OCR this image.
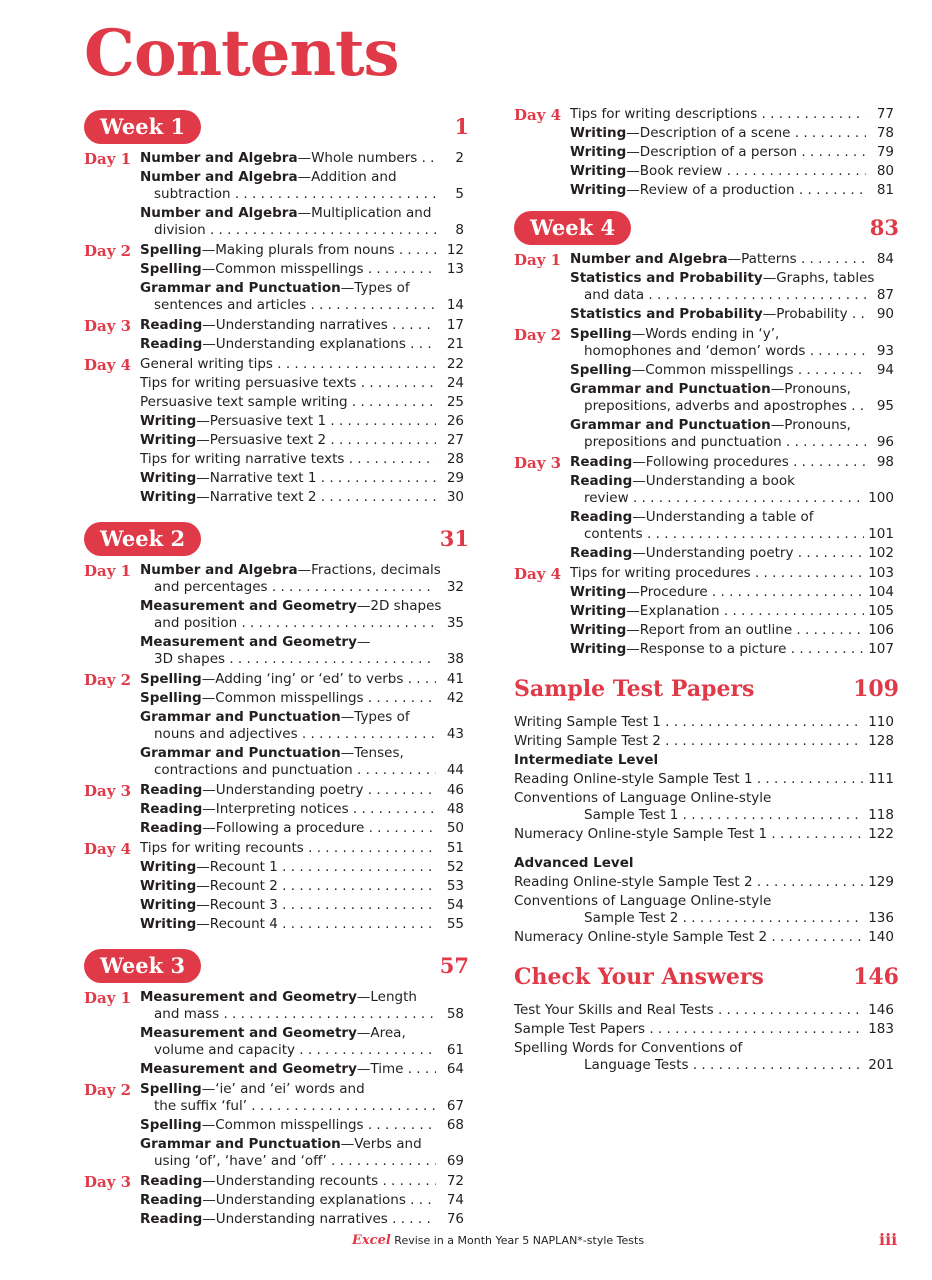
Contents
Week 1	1
Day 1 Number and Algebra—Whole numbers . . .	2
Number and Algebra—Addition and
subtraction . . .	5
Number and Algebra—Multiplication and
division . . .	8
Day 2 Spelling—Making plurals from nouns . . .	12
Spelling—Common misspellings . . .	13
Grammar and Punctuation—Types of
sentences and articles . . .	14
Day 3 Reading—Understanding narratives . . .	17
Reading—Understanding explanations . . .	21
Day 4 General writing tips . . .	22
Tips for writing persuasive texts . . .	24
Persuasive text sample writing . . .	25
Writing—Persuasive text 1 . . .	26
Writing—Persuasive text 2 . . .	27
Tips for writing narrative texts . . .	28
Writing—Narrative text 1 . . .	29
Writing—Narrative text 2 . . .	30
Week 2	31
Day 1 Number and Algebra—Fractions, decimals
and percentages . . .	32
Measurement and Geometry—2D shapes
and position . . .	35
Measurement and Geometry—
3D shapes . . .	38
Day 2 Spelling—Adding ‘ing’ or ‘ed’ to verbs . . .	41
Spelling—Common misspellings . . .	42
Grammar and Punctuation—Types of
nouns and adjectives . . .	43
Grammar and Punctuation—Tenses,
contractions and punctuation . . .	44
Day 3 Reading—Understanding poetry . . .	46
Reading—Interpreting notices . . .	48
Reading—Following a procedure . . .	50
Day 4 Tips for writing recounts . . .	51
Writing—Recount 1 . . .	52
Writing—Recount 2 . . .	53
Writing—Recount 3 . . .	54
Writing—Recount 4 . . .	55
Week 3	57
Day 1 Measurement and Geometry—Length
and mass . . .	58
Measurement and Geometry—Area,
volume and capacity . . .	61
Measurement and Geometry—Time . . .	64
Day 2 Spelling—‘ie’ and ‘ei’ words and
the suffix ‘ful’ . . .	67
Spelling—Common misspellings . . .	68
Grammar and Punctuation—Verbs and
using ‘of’, ‘have’ and ‘off’ . . .	69
Day 3 Reading—Understanding recounts . . .	72
Reading—Understanding explanations . . .	74
Reading—Understanding narratives . . .	76
Day 4 Tips for writing descriptions . . .	77
Writing—Description of a scene . . .	78
Writing—Description of a person . . .	79
Writing—Book review . . .	80
Writing—Review of a production . . .	81
Week 4	83
Day 1 Number and Algebra—Patterns . . .	84
Statistics and Probability—Graphs, tables
and data . . .	87
Statistics and Probability—Probability . . .	90
Day 2 Spelling—Words ending in ‘y’,
homophones and ‘demon’ words . . .	93
Spelling—Common misspellings . . .	94
Grammar and Punctuation—Pronouns,
prepositions, adverbs and apostrophes . . .	95
Grammar and Punctuation—Pronouns,
prepositions and punctuation . . .	96
Day 3 Reading—Following procedures . . .	98
Reading—Understanding a book
review . . .	100
Reading—Understanding a table of
contents . . .	101
Reading—Understanding poetry . . .	102
Day 4 Tips for writing procedures . . .	103
Writing—Procedure . . .	104
Writing—Explanation . . .	105
Writing—Report from an outline . . .	106
Writing—Response to a picture . . .	107
Sample Test Papers	109
Writing Sample Test 1 . . .	110
Writing Sample Test 2 . . .	128
Intermediate Level
Reading Online-style Sample Test 1 . . .	111
Conventions of Language Online-style
Sample Test 1 . . .	118
Numeracy Online-style Sample Test 1 . . .	122
Advanced Level
Reading Online-style Sample Test 2 . . .	129
Conventions of Language Online-style
Sample Test 2 . . .	136
Numeracy Online-style Sample Test 2 . . .	140
Check Your Answers	146
Test Your Skills and Real Tests . . .	146
Sample Test Papers . . .	183
Spelling Words for Conventions of
Language Tests . . .	201
Excel Revise in a Month Year 5 NAPLAN*-style Tests	iii
